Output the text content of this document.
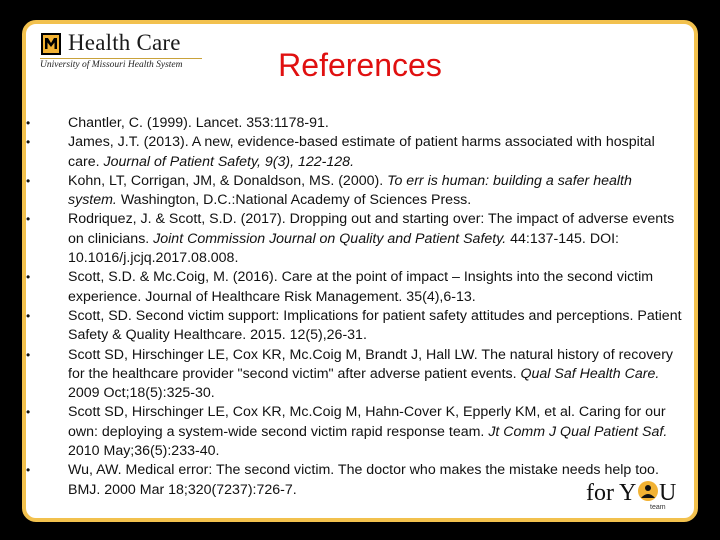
Health Care
University of Missouri Health System	References
•	Chantler, C. (1999). Lancet. 353:1178-91.
•	James, J.T. (2013). A new, evidence-based estimate of patient harms associated with hospital care. Journal of Patient Safety, 9(3), 122-128.
•	Kohn, LT, Corrigan, JM, & Donaldson, MS. (2000). To err is human: building a safer health system. Washington, D.C.:National Academy of Sciences Press.
•	Rodriquez, J. & Scott, S.D. (2017). Dropping out and starting over: The impact of adverse events on clinicians. Joint Commission Journal on Quality and Patient Safety. 44:137-145. DOI: 10.1016/j.jcjq.2017.08.008.
•	Scott, S.D. & Mc.Coig, M. (2016). Care at the point of impact – Insights into the second victim experience. Journal of Healthcare Risk Management. 35(4),6-13.
•	Scott, SD. Second victim support: Implications for patient safety attitudes and perceptions. Patient Safety & Quality Healthcare. 2015. 12(5),26-31.
•	Scott SD, Hirschinger LE, Cox KR, Mc.Coig M, Brandt J, Hall LW. The natural history of recovery for the healthcare provider "second victim" after adverse patient events. Qual Saf Health Care. 2009 Oct;18(5):325-30.
•	Scott SD, Hirschinger LE, Cox KR, Mc.Coig M, Hahn-Cover K, Epperly KM, et al. Caring for our own: deploying a system-wide second victim rapid response team. Jt Comm J Qual Patient Saf. 2010 May;36(5):233-40.
•	Wu, AW. Medical error: The second victim. The doctor who makes the mistake needs help too. BMJ. 2000 Mar 18;320(7237):726-7.	for Y U
team
